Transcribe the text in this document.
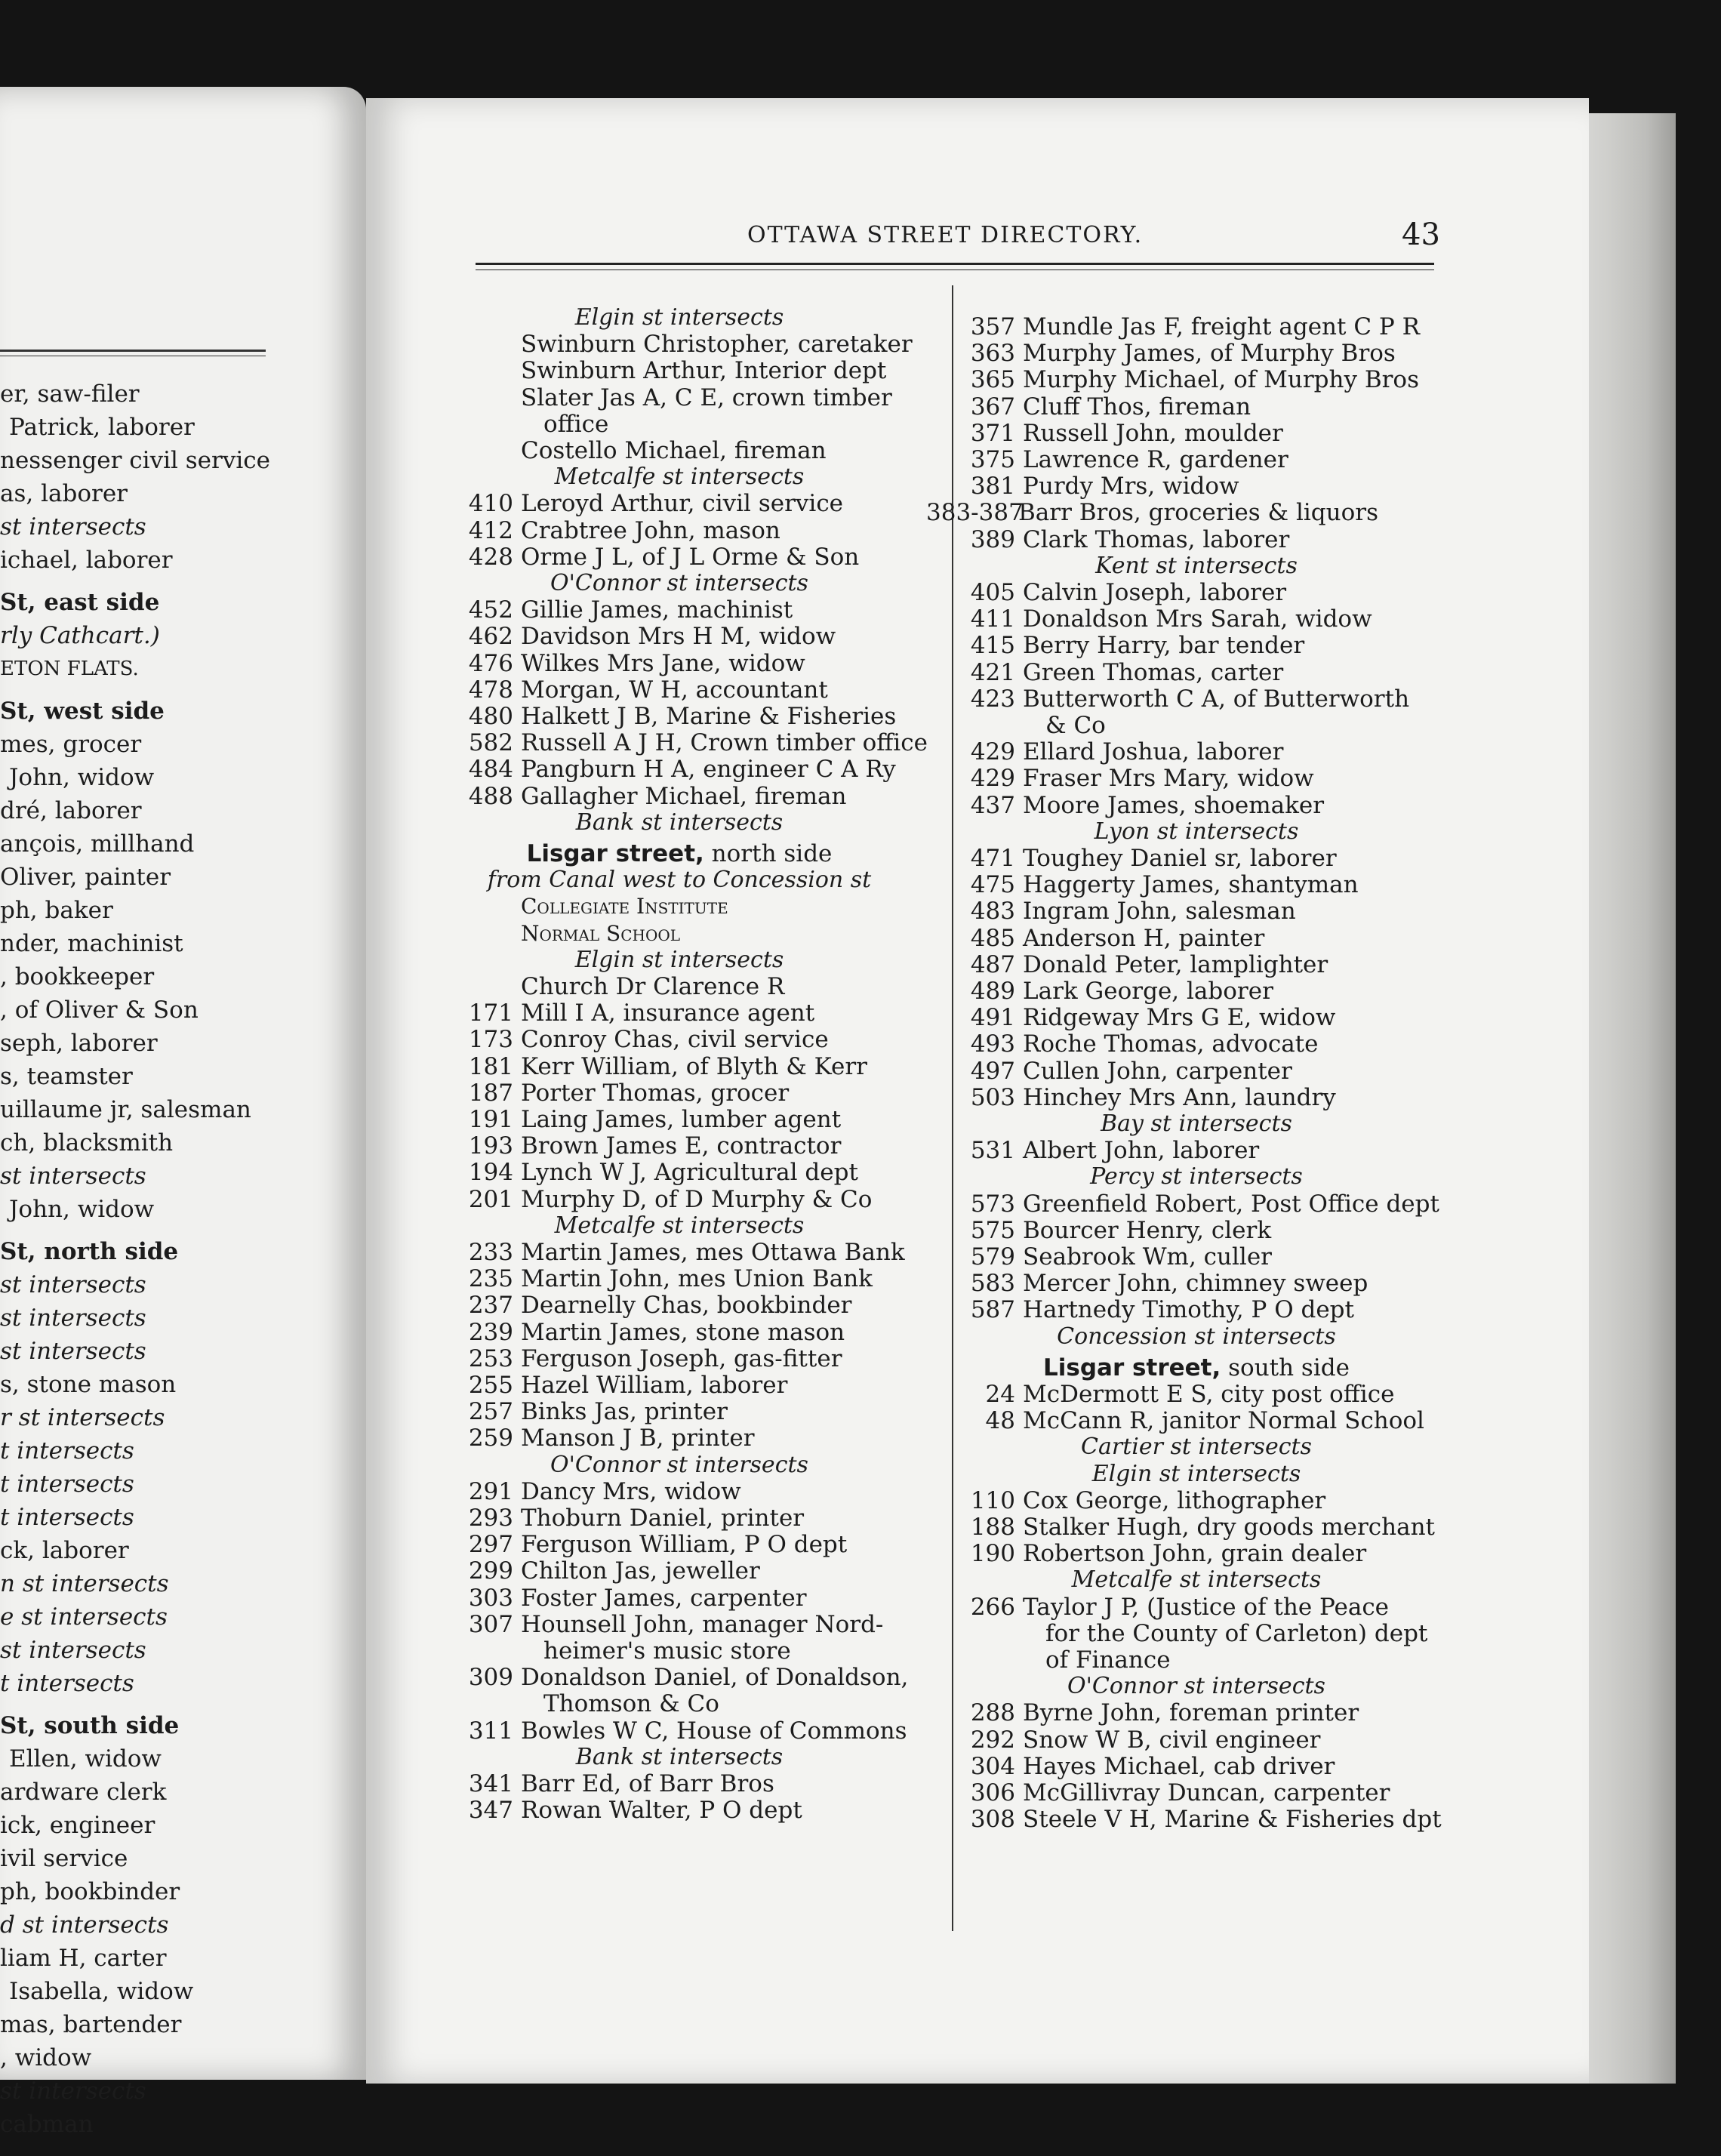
er, saw-filer
Patrick, laborer
nessenger civil service
as, laborer
st intersects
ichael, laborer
St, east side
rly Cathcart.)
ETON FLATS.
St, west side
mes, grocer
John, widow
dré, laborer
ançois, millhand
Oliver, painter
ph, baker
nder, machinist
, bookkeeper
, of Oliver & Son
seph, laborer
s, teamster
uillaume jr, salesman
ch, blacksmith
st intersects
John, widow
St, north side
st intersects
st intersects
st intersects
s, stone mason
r st intersects
t intersects
t intersects
t intersects
ck, laborer
n st intersects
e st intersects
st intersects
t intersects
St, south side
Ellen, widow
ardware clerk
ick, engineer
ivil service
ph, bookbinder
d st intersects
liam H, carter
Isabella, widow
mas, bartender
, widow
st intersects
cabman
OTTAWA STREET DIRECTORY.	43
Elgin st intersects
Swinburn Christopher, caretaker
Swinburn Arthur, Interior dept
Slater Jas A, C E, crown timber
office
Costello Michael, fireman
Metcalfe st intersects
410 Leroyd Arthur, civil service
412 Crabtree John, mason
428 Orme J L, of J L Orme & Son
O'Connor st intersects
452 Gillie James, machinist
462 Davidson Mrs H M, widow
476 Wilkes Mrs Jane, widow
478 Morgan, W H, accountant
480 Halkett J B, Marine & Fisheries
582 Russell A J H, Crown timber office
484 Pangburn H A, engineer C A Ry
488 Gallagher Michael, fireman
Bank st intersects
Lisgar street, north side
from Canal west to Concession st
Collegiate Institute
Normal School
Elgin st intersects
Church Dr Clarence R
171 Mill I A, insurance agent
173 Conroy Chas, civil service
181 Kerr William, of Blyth & Kerr
187 Porter Thomas, grocer
191 Laing James, lumber agent
193 Brown James E, contractor
194 Lynch W J, Agricultural dept
201 Murphy D, of D Murphy & Co
Metcalfe st intersects
233 Martin James, mes Ottawa Bank
235 Martin John, mes Union Bank
237 Dearnelly Chas, bookbinder
239 Martin James, stone mason
253 Ferguson Joseph, gas-fitter
255 Hazel William, laborer
257 Binks Jas, printer
259 Manson J B, printer
O'Connor st intersects
291 Dancy Mrs, widow
293 Thoburn Daniel, printer
297 Ferguson William, P O dept
299 Chilton Jas, jeweller
303 Foster James, carpenter
307 Hounsell John, manager Nord-
heimer's music store
309 Donaldson Daniel, of Donaldson,
Thomson & Co
311 Bowles W C, House of Commons
Bank st intersects
341 Barr Ed, of Barr Bros
347 Rowan Walter, P O dept
357 Mundle Jas F, freight agent C P R
363 Murphy James, of Murphy Bros
365 Murphy Michael, of Murphy Bros
367 Cluff Thos, fireman
371 Russell John, moulder
375 Lawrence R, gardener
381 Purdy Mrs, widow
383-387Barr Bros, groceries & liquors
389 Clark Thomas, laborer
Kent st intersects
405 Calvin Joseph, laborer
411 Donaldson Mrs Sarah, widow
415 Berry Harry, bar tender
421 Green Thomas, carter
423 Butterworth C A, of Butterworth
& Co
429 Ellard Joshua, laborer
429 Fraser Mrs Mary, widow
437 Moore James, shoemaker
Lyon st intersects
471 Toughey Daniel sr, laborer
475 Haggerty James, shantyman
483 Ingram John, salesman
485 Anderson H, painter
487 Donald Peter, lamplighter
489 Lark George, laborer
491 Ridgeway Mrs G E, widow
493 Roche Thomas, advocate
497 Cullen John, carpenter
503 Hinchey Mrs Ann, laundry
Bay st intersects
531 Albert John, laborer
Percy st intersects
573 Greenfield Robert, Post Office dept
575 Bourcer Henry, clerk
579 Seabrook Wm, culler
583 Mercer John, chimney sweep
587 Hartnedy Timothy, P O dept
Concession st intersects
Lisgar street, south side
24 McDermott E S, city post office
48 McCann R, janitor Normal School
Cartier st intersects
Elgin st intersects
110 Cox George, lithographer
188 Stalker Hugh, dry goods merchant
190 Robertson John, grain dealer
Metcalfe st intersects
266 Taylor J P, (Justice of the Peace
for the County of Carleton) dept
of Finance
O'Connor st intersects
288 Byrne John, foreman printer
292 Snow W B, civil engineer
304 Hayes Michael, cab driver
306 McGillivray Duncan, carpenter
308 Steele V H, Marine & Fisheries dpt
